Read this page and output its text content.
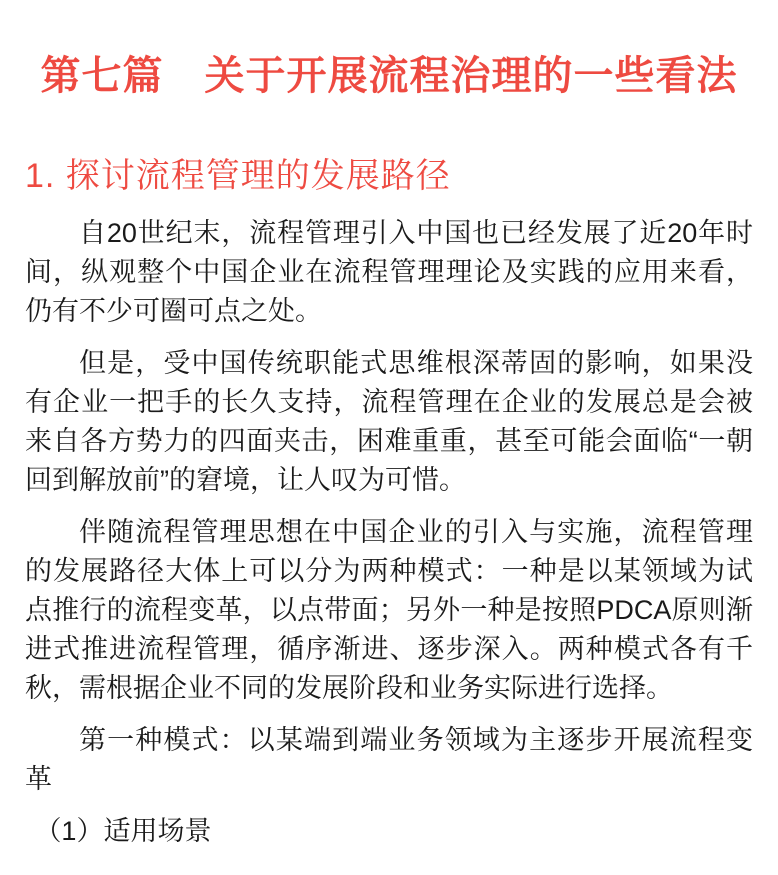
第七篇　关于开展流程治理的一些看法
1. 探讨流程管理的发展路径

自20世纪末，流程管理引入中国也已经发展了近20年时间，纵观整个中国企业在流程管理理论及实践的应用来看，仍有不少可圈可点之处。

但是，受中国传统职能式思维根深蒂固的影响，如果没有企业一把手的长久支持，流程管理在企业的发展总是会被来自各方势力的四面夹击，困难重重，甚至可能会面临“一朝回到解放前”的窘境，让人叹为可惜。

伴随流程管理思想在中国企业的引入与实施，流程管理的发展路径大体上可以分为两种模式：一种是以某领域为试点推行的流程变革，以点带面；另外一种是按照PDCA原则渐进式推进流程管理，循序渐进、逐步深入。两种模式各有千秋，需根据企业不同的发展阶段和业务实际进行选择。

第一种模式：以某端到端业务领域为主逐步开展流程变革

（1）适用场景
